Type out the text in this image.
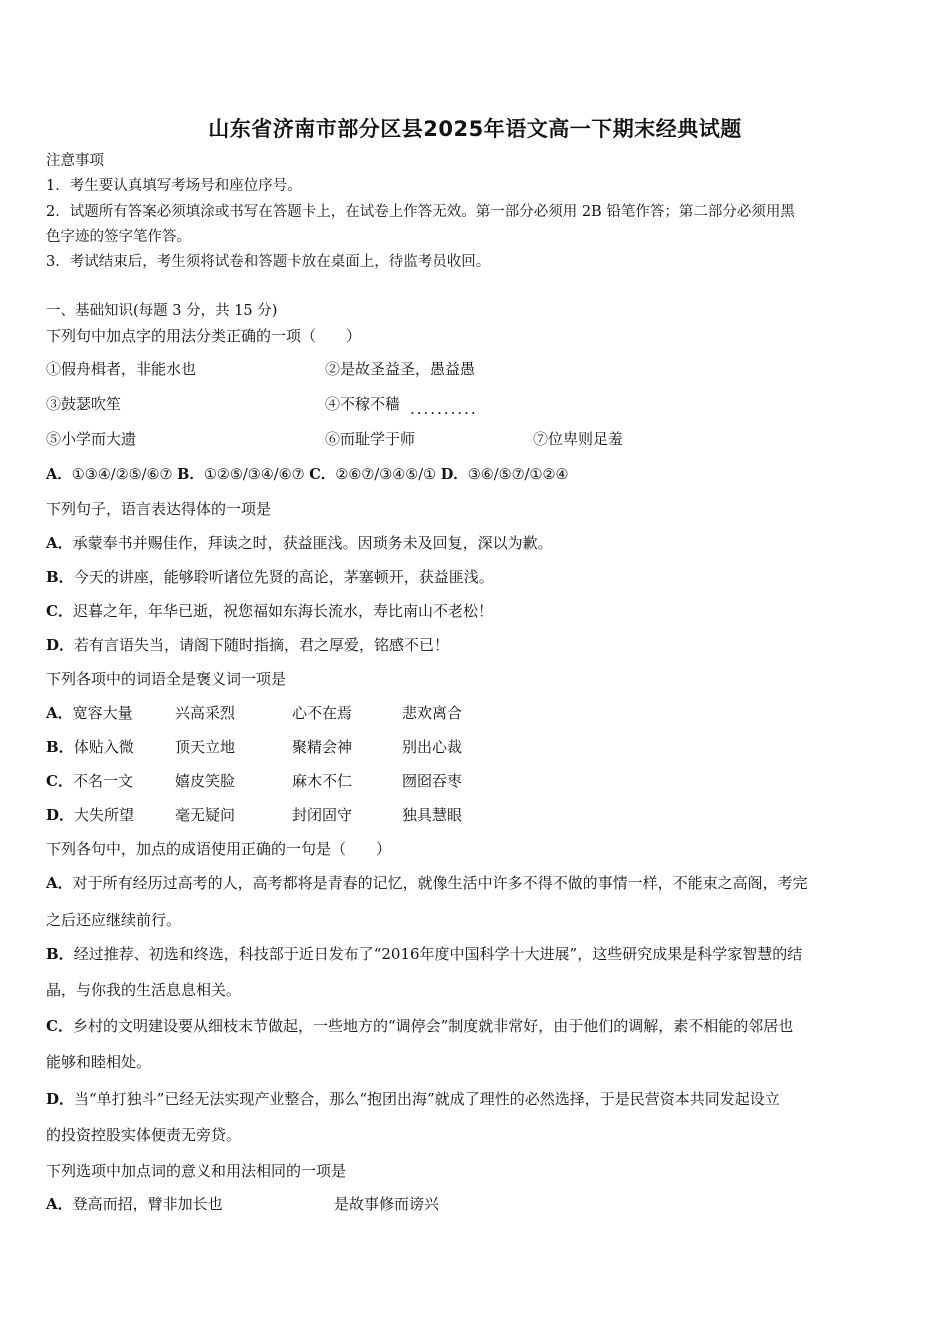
山东省济南市部分区县2025年语文高一下期末经典试题
注意事项
1．考生要认真填写考场号和座位序号。
2．试题所有答案必须填涂或书写在答题卡上，在试卷上作答无效。第一部分必须用 2B 铅笔作答；第二部分必须用黑
色字迹的签字笔作答。
3．考试结束后，考生须将试卷和答题卡放在桌面上，待监考员收回。
一、基础知识(每题 3 分，共 15 分)
下列句中加点字的用法分类正确的一项（　　）
①假舟楫者，非能水也	②是故圣益圣，愚益愚
③鼓瑟吹笙	④不稼不穑 ..........
⑤小学而大遗	⑥而耻学于师	⑦位卑则足羞
A．①③④/②⑤/⑥⑦ B．①②⑤/③④/⑥⑦ C．②⑥⑦/③④⑤/① D．③⑥/⑤⑦/①②④
下列句子，语言表达得体的一项是
A．承蒙奉书并赐佳作，拜读之时，获益匪浅。因琐务未及回复，深以为歉。
B．今天的讲座，能够聆听诸位先贤的高论，茅塞顿开，获益匪浅。
C．迟暮之年，年华已逝，祝您福如东海长流水，寿比南山不老松！
D．若有言语失当，请阁下随时指摘，君之厚爱，铭感不已！
下列各项中的词语全是褒义词一项是
A．宽容大量	兴高采烈	心不在焉	悲欢离合
B．体贴入微	顶天立地	聚精会神	别出心裁
C．不名一文	嬉皮笑脸	麻木不仁	囫囵吞枣
D．大失所望	毫无疑问	封闭固守	独具慧眼
下列各句中，加点的成语使用正确的一句是（　　）
A．对于所有经历过高考的人，高考都将是青春的记忆，就像生活中许多不得不做的事情一样，不能束之高阁，考完
之后还应继续前行。
B．经过推荐、初选和终选，科技部于近日发布了“2016年度中国科学十大进展”，这些研究成果是科学家智慧的结
晶，与你我的生活息息相关。
C．乡村的文明建设要从细枝末节做起，一些地方的“调停会”制度就非常好，由于他们的调解，素不相能的邻居也
能够和睦相处。
D．当“单打独斗”已经无法实现产业整合，那么“抱团出海”就成了理性的必然选择，于是民营资本共同发起设立
的投资控股实体便责无旁贷。
下列选项中加点词的意义和用法相同的一项是
A．登高而招，臂非加长也	是故事修而谤兴
